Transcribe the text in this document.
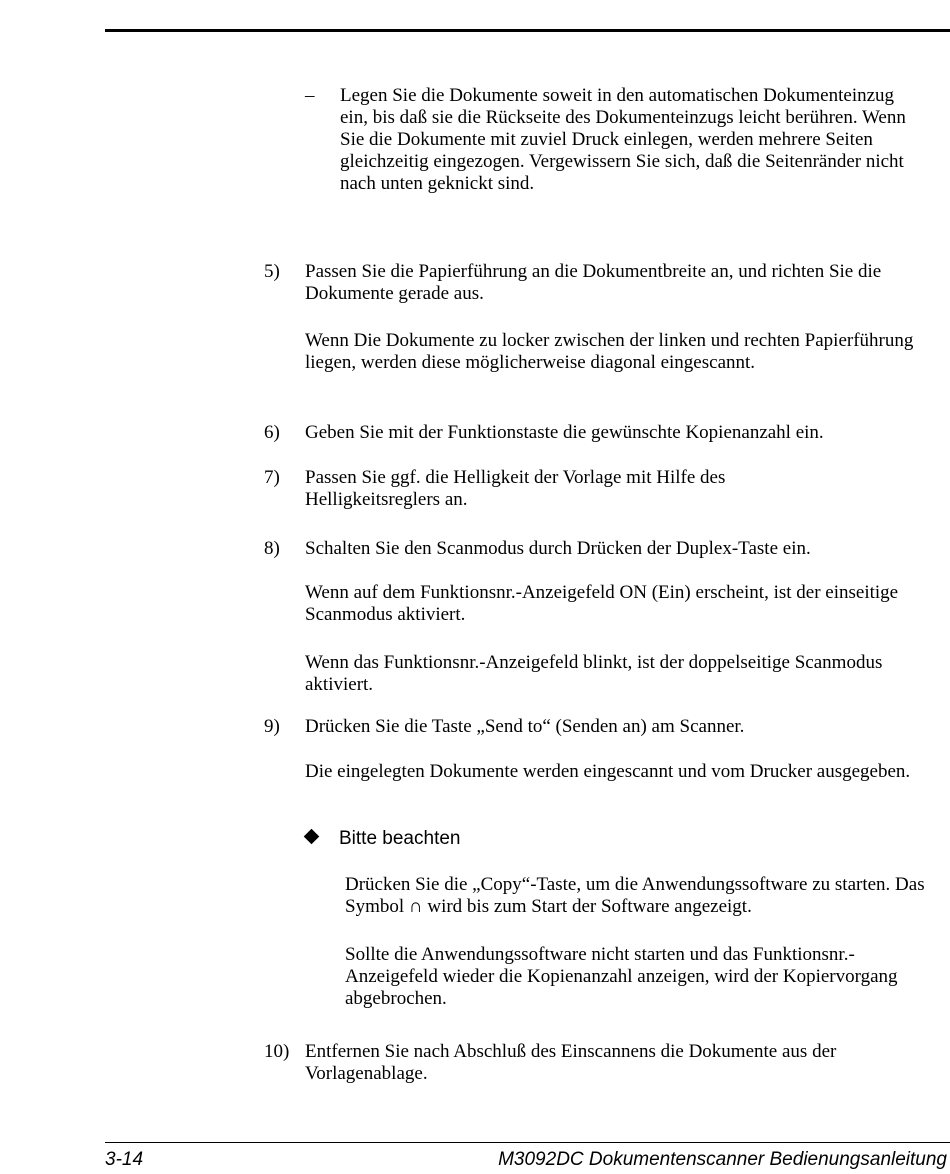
– Legen Sie die Dokumente soweit in den automatischen Dokumenteinzug ein, bis daß sie die Rückseite des Dokumenteinzugs leicht berühren. Wenn Sie die Dokumente mit zuviel Druck einlegen, werden mehrere Seiten gleichzeitig eingezogen. Vergewissern Sie sich, daß die Seitenränder nicht nach unten geknickt sind.

5) Passen Sie die Papierführung an die Dokumentbreite an, und richten Sie die Dokumente gerade aus.

Wenn Die Dokumente zu locker zwischen der linken und rechten Papierführung liegen, werden diese möglicherweise diagonal eingescannt.

6) Geben Sie mit der Funktionstaste die gewünschte Kopienanzahl ein.

7) Passen Sie ggf. die Helligkeit der Vorlage mit Hilfe des Helligkeitsreglers an.

8) Schalten Sie den Scanmodus durch Drücken der Duplex-Taste ein.

Wenn auf dem Funktionsnr.-Anzeigefeld ON (Ein) erscheint, ist der einseitige Scanmodus aktiviert.

Wenn das Funktionsnr.-Anzeigefeld blinkt, ist der doppelseitige Scanmodus aktiviert.

9) Drücken Sie die Taste „Send to“ (Senden an) am Scanner.

Die eingelegten Dokumente werden eingescannt und vom Drucker ausgegeben.

Bitte beachten

Drücken Sie die „Copy“-Taste, um die Anwendungssoftware zu starten. Das Symbol ∩ wird bis zum Start der Software angezeigt.

Sollte die Anwendungssoftware nicht starten und das Funktionsnr.-Anzeigefeld wieder die Kopienanzahl anzeigen, wird der Kopiervorgang abgebrochen.

10) Entfernen Sie nach Abschluß des Einscannens die Dokumente aus der Vorlagenablage.

3-14	M3092DC Dokumentenscanner Bedienungsanleitung
